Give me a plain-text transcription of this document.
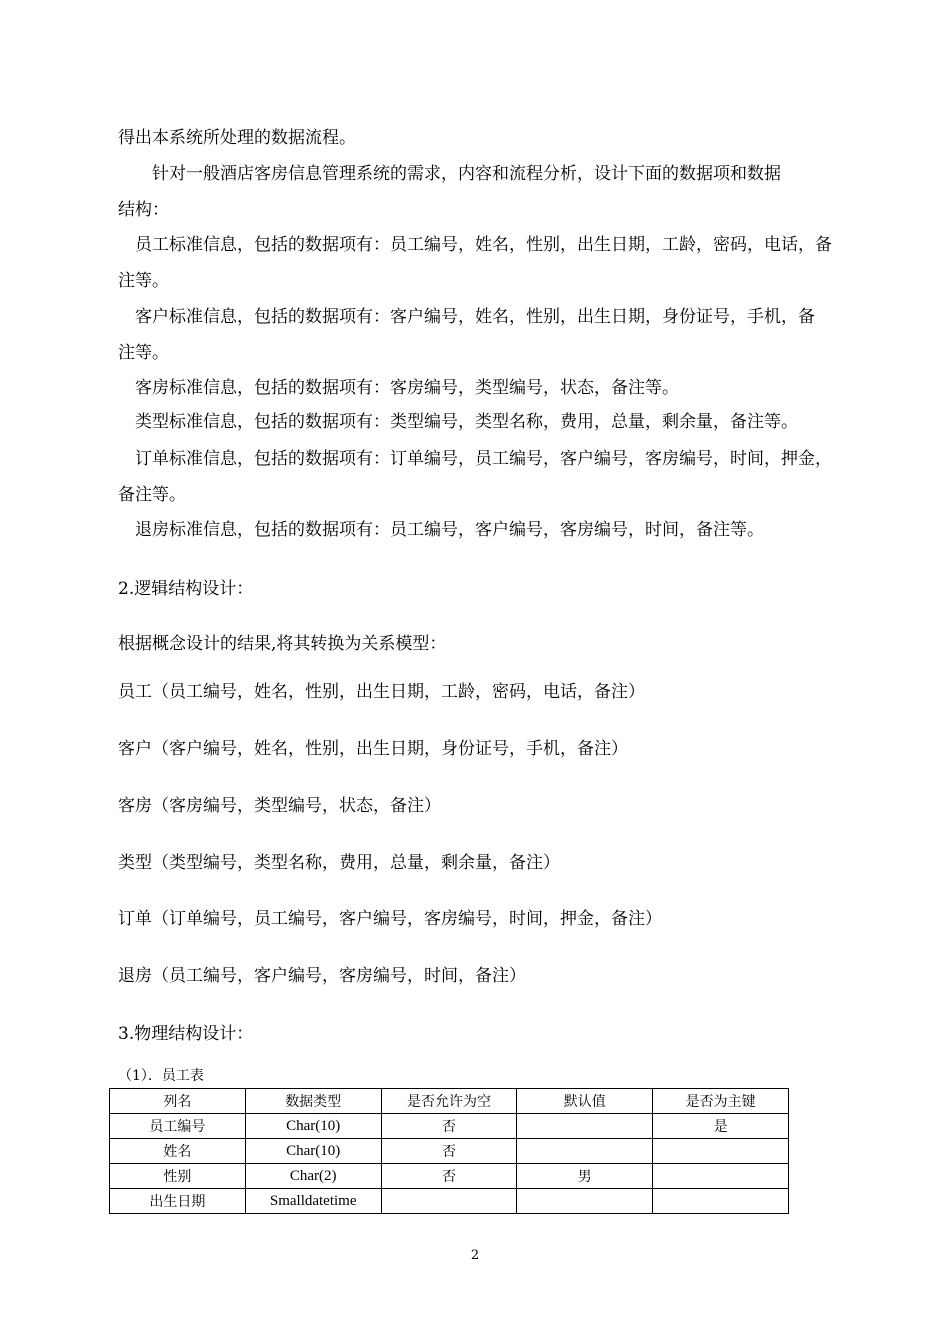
得出本系统所处理的数据流程。
　　针对一般酒店客房信息管理系统的需求，内容和流程分析，设计下面的数据项和数据
结构：
　员工标准信息，包括的数据项有：员工编号，姓名，性别，出生日期，工龄，密码，电话，备
注等。
　客户标准信息，包括的数据项有：客户编号，姓名，性别，出生日期，身份证号，手机，备
注等。
　客房标准信息，包括的数据项有：客房编号，类型编号，状态，备注等。
　类型标准信息，包括的数据项有：类型编号，类型名称，费用，总量，剩余量，备注等。
　订单标准信息，包括的数据项有：订单编号，员工编号，客户编号，客房编号，时间，押金，
备注等。
　退房标准信息，包括的数据项有：员工编号，客户编号，客房编号，时间，备注等。
2.逻辑结构设计：
根据概念设计的结果,将其转换为关系模型：
员工（员工编号，姓名，性别，出生日期，工龄，密码，电话，备注）
客户（客户编号，姓名，性别，出生日期，身份证号，手机，备注）
客房（客房编号，类型编号，状态，备注）
类型（类型编号，类型名称，费用，总量，剩余量，备注）
订单（订单编号，员工编号，客户编号，客房编号，时间，押金，备注）
退房（员工编号，客户编号，客房编号，时间，备注）
3.物理结构设计：
（1）．员工表
列名	数据类型	是否允许为空	默认值	是否为主键
员工编号	Char(10)	否		是
姓名	Char(10)	否		
性别	Char(2)	否	男	
出生日期	Smalldatetime			
2
